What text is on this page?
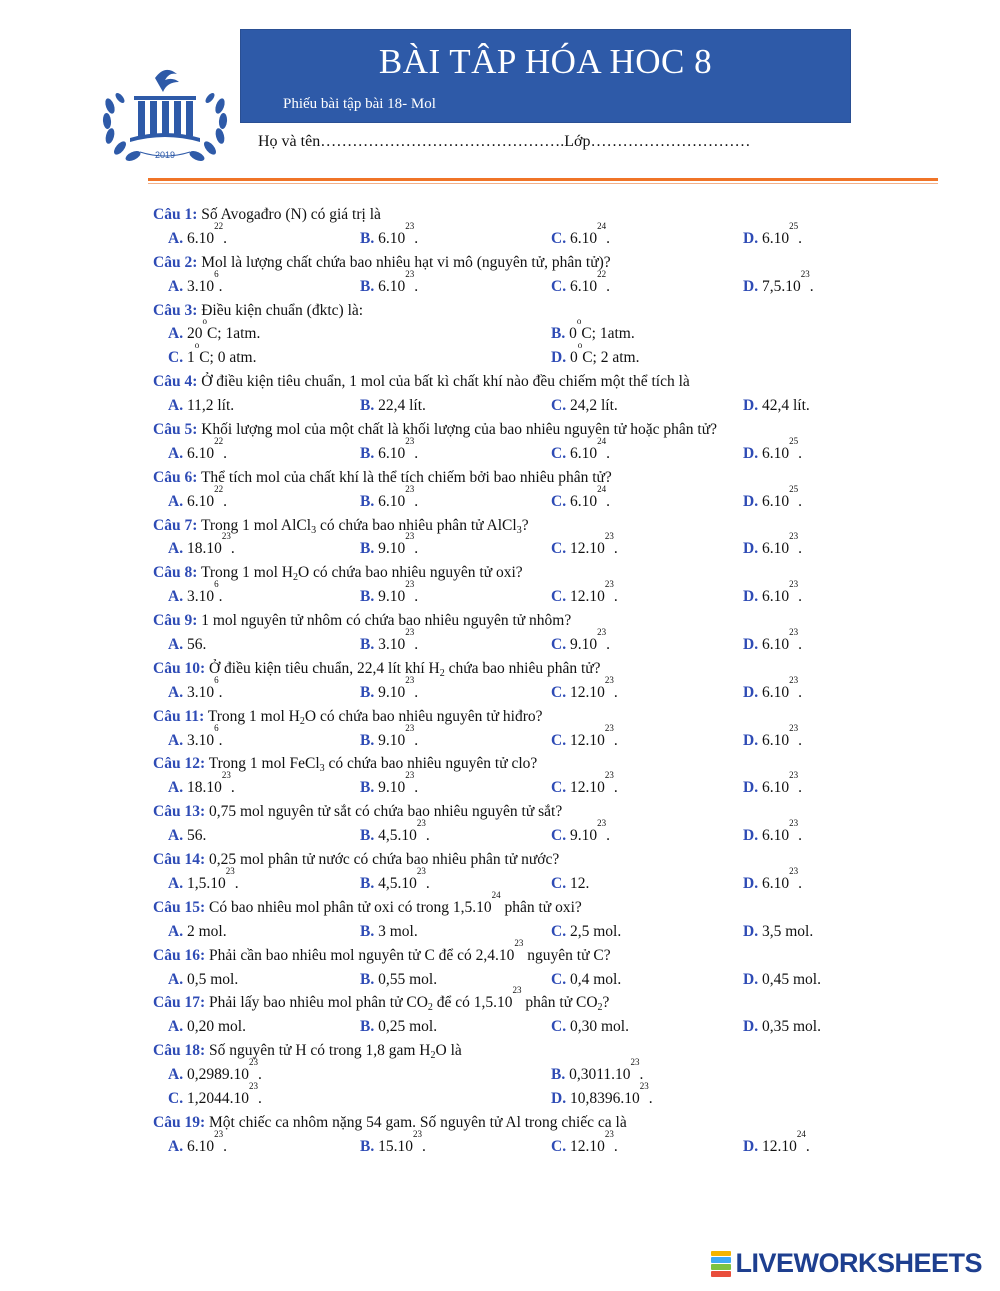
2019
BÀI TÂP HÓA HOC 8
Phiếu bài tập bài 18- Mol
Họ và tên……………………………………….Lớp…………………………
Câu 1: Số Avogađro (N) có giá trị là
A. 6.10$^{22}$.	B. 6.10$^{23}$.	C. 6.10$^{24}$.	D. 6.10$^{25}$.
Câu 2: Mol là lượng chất chứa bao nhiêu hạt vi mô (nguyên tử, phân tử)?
A. 3.10$^6$.	B. 6.10$^{23}$.	C. 6.10$^{22}$.	D. 7,5.10$^{23}$.
Câu 3: Điều kiện chuẩn (đktc) là:
A. 20$^o$C; 1atm.	B. 0$^o$C; 1atm.
C. 1$^o$C; 0 atm.	D. 0$^o$C; 2 atm.
Câu 4: Ở điều kiện tiêu chuẩn, 1 mol của bất kì chất khí nào đều chiếm một thể tích là
A. 11,2 lít.	B. 22,4 lít.	C. 24,2 lít.	D. 42,4 lít.
Câu 5: Khối lượng mol của một chất là khối lượng của bao nhiêu nguyên tử hoặc phân tử?
A. 6.10$^{22}$.	B. 6.10$^{23}$.	C. 6.10$^{24}$.	D. 6.10$^{25}$.
Câu 6: Thể tích mol của chất khí là thể tích chiếm bởi bao nhiêu phân tử?
A. 6.10$^{22}$.	B. 6.10$^{23}$.	C. 6.10$^{24}$.	D. 6.10$^{25}$.
Câu 7: Trong 1 mol AlCl$_3$ có chứa bao nhiêu phân tử AlCl$_3$?
A. 18.10$^{23}$.	B. 9.10$^{23}$.	C. 12.10$^{23}$.	D. 6.10$^{23}$.
Câu 8: Trong 1 mol $H_2O$ có chứa bao nhiêu nguyên tử oxi?
A. 3.10$^6$.	B. 9.10$^{23}$.	C. 12.10$^{23}$.	D. 6.10$^{23}$.
Câu 9: 1 mol nguyên tử nhôm có chứa bao nhiêu nguyên tử nhôm?
A. 56.	B. 3.10$^{23}$.	C. 9.10$^{23}$.	D. 6.10$^{23}$.
Câu 10: Ở điều kiện tiêu chuẩn, 22,4 lít khí $H_2$ chứa bao nhiêu phân tử?
A. 3.10$^6$.	B. 9.10$^{23}$.	C. 12.10$^{23}$.	D. 6.10$^{23}$.
Câu 11: Trong 1 mol $H_2O$ có chứa bao nhiêu nguyên tử hiđro?
A. 3.10$^6$.	B. 9.10$^{23}$.	C. 12.10$^{23}$.	D. 6.10$^{23}$.
Câu 12: Trong 1 mol FeCl$_3$ có chứa bao nhiêu nguyên tử clo?
A. 18.10$^{23}$.	B. 9.10$^{23}$.	C. 12.10$^{23}$.	D. 6.10$^{23}$.
Câu 13: 0,75 mol nguyên tử sắt có chứa bao nhiêu nguyên tử sắt?
A. 56.	B. 4,5.10$^{23}$.	C. 9.10$^{23}$.	D. 6.10$^{23}$.
Câu 14: 0,25 mol phân tử nước có chứa bao nhiêu phân tử nước?
A. 1,5.10$^{23}$.	B. 4,5.10$^{23}$.	C. 12.	D. 6.10$^{23}$.
Câu 15: Có bao nhiêu mol phân tử oxi có trong 1,5.10$^{24}$ phân tử oxi?
A. 2 mol.	B. 3 mol.	C. 2,5 mol.	D. 3,5 mol.
Câu 16: Phải cần bao nhiêu mol nguyên tử C để có 2,4.10$^{23}$ nguyên tử C?
A. 0,5 mol.	B. 0,55 mol.	C. 0,4 mol.	D. 0,45 mol.
Câu 17: Phải lấy bao nhiêu mol phân tử $CO_2$ để có 1,5.10$^{23}$ phân tử $CO_2$?
A. 0,20 mol.	B. 0,25 mol.	C. 0,30 mol.	D. 0,35 mol.
Câu 18: Số nguyên tử H có trong 1,8 gam $H_2O$ là
A. 0,2989.10$^{23}$.	B. 0,3011.10$^{23}$.
C. 1,2044.10$^{23}$.	D. 10,8396.10$^{23}$.
Câu 19: Một chiếc ca nhôm nặng 54 gam. Số nguyên tử Al trong chiếc ca là
A. 6.10$^{23}$.	B. 15.10$^{23}$.	C. 12.10$^{23}$.	D. 12.10$^{24}$.
LIVEWORKSHEETS
